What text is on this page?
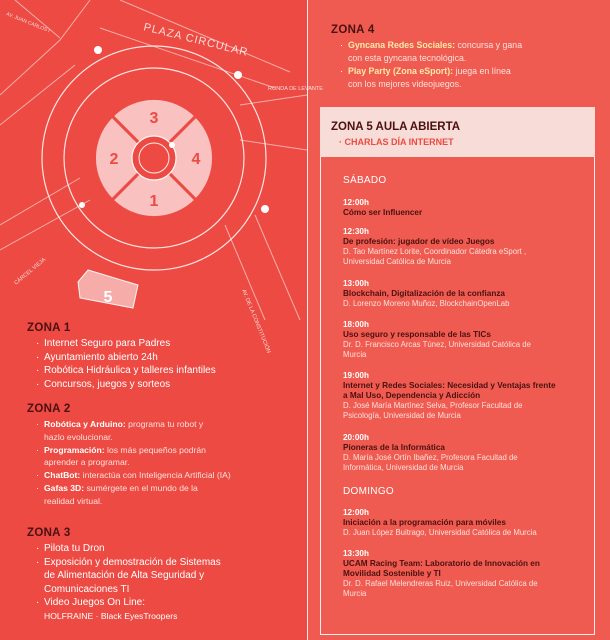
3
2	4
1
5
PLAZA CIRCULAR
AV. JUAN CARLOS I
RONDA DE LEVANTE
CÁRCEL VIEJA
AV. DE LA CONSTITUCIÓN
ZONA 1
· Internet Seguro para Padres
· Ayuntamiento abierto 24h
· Robótica Hidráulica y talleres infantiles
· Concursos, juegos y sorteos
ZONA 2
· Robótica y Arduino: programa tu robot y
hazlo evolucionar.
· Programación: los más pequeños podrán
aprender a programar.
· ChatBot: interactúa con Inteligencia Artificial (IA)
· Gafas 3D: sumérgete en el mundo de la
realidad virtual.
ZONA 3
· Pilota tu Dron
· Exposición y demostración de Sistemas
de Alimentación de Alta Seguridad y
Comunicaciones TI
· Video Juegos On Line:
HOLFRAINE · Black EyesTroopers
ZONA 4
· Gyncana Redes Sociales: concursa y gana
con esta gyncana tecnológica.
· Play Party (Zona eSport): juega en línea
con los mejores videojuegos.
ZONA 5 AULA ABIERTA
· CHARLAS DÍA INTERNET
SÁBADO
12:00h
Cómo ser Influencer
12:30h
De profesión: jugador de vídeo Juegos
D. Tao Martínez Lorite, Coordinador Cátedra eSport ,
Universidad Católica de Murcia
13:00h
Blockchain, Digitalización de la confianza
D. Lorenzo Moreno Muñoz, BlockchainOpenLab
18:00h
Uso seguro y responsable de las TICs
Dr. D. Francisco Arcas Túnez, Universidad Católica de
Murcia
19:00h
Internet y Redes Sociales: Necesidad y Ventajas frente
a Mal Uso, Dependencia y Adicción
D. José María Martínez Selva, Profesor Facultad de
Psicología, Universidad de Murcia
20:00h
Pioneras de la Informática
D. María José Ortín Ibañez, Profesora Facultad de
Informática, Universidad de Murcia
DOMINGO
12:00h
Iniciación a la programación para móviles
D. Juan López Buitrago, Universidad Católica de Murcia
13:30h
UCAM Racing Team: Laboratorio de Innovación en
Movilidad Sostenible y TI
Dr. D. Rafael Melendreras Ruiz, Universidad Católica de
Murcia
